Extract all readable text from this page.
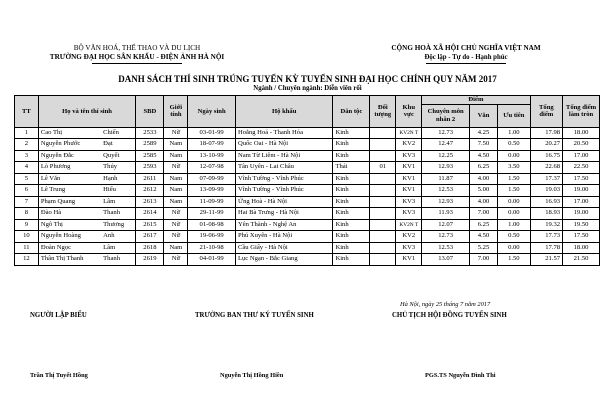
BỘ VĂN HOÁ, THỂ THAO VÀ DU LỊCH
TRƯỜNG ĐẠI HỌC SÂN KHẤU - ĐIỆN ẢNH HÀ NỘI
CỘNG HOÀ XÃ HỘI CHỦ NGHĨA VIỆT NAM
Độc lập - Tự do - Hạnh phúc
DANH SÁCH THÍ SINH TRÚNG TUYỂN KỲ TUYỂN SINH ĐẠI HỌC CHÍNH QUY NĂM 2017
Ngành / Chuyên ngành: Diễn viên rối
TT	Họ và tên thí sinh		SBD	Giới tính	Ngày sinh	Hộ khẩu	Dân tộc	Đối tượng	Khu vực	Điểm			Tổng điểm	Tổng điểm làm tròn
										Chuyên môn nhân 2	Văn	Ưu tiên		
1	Cao Thị	Chiến	2533	Nữ	03-01-99	Hoằng Hoá - Thanh Hóa	Kinh		KV2N T	12.73	4.25	1.00	17.98	18.00
2	Nguyễn Phước	Đạt	2589	Nam	18-07-99	Quốc Oai - Hà Nội	Kinh		KV2	12.47	7.50	0.50	20.27	20.50
3	Nguyễn Đắc	Quyết	2585	Nam	13-10-99	Nam Từ Liêm - Hà Nội	Kinh		KV3	12.25	4.50	0.00	16.75	17.00
4	Lò Phương	Thúy	2593	Nữ	12-07-98	Tân Uyên - Lai Châu	Thái	01	KV1	12.93	6.25	3.50	22.68	22.50
5	Lê Văn	Hạnh	2611	Nam	07-09-99	Vĩnh Tường - Vĩnh Phúc	Kinh		KV1	11.87	4.00	1.50	17.37	17.50
6	Lê Trung	Hiếu	2612	Nam	13-09-99	Vĩnh Tường - Vĩnh Phúc	Kinh		KV1	12.53	5.00	1.50	19.03	19.00
7	Phạm Quang	Lâm	2613	Nam	11-09-99	Ứng Hoà - Hà Nội	Kinh		KV3	12.93	4.00	0.00	16.93	17.00
8	Đào Hà	Thanh	2614	Nữ	29-11-99	Hai Bà Trưng - Hà Nội	Kinh		KV3	11.93	7.00	0.00	18.93	19.00
9	Ngô Thị	Thương	2615	Nữ	01-08-98	Yên Thành - Nghệ An	Kinh		KV2N T	12.07	6.25	1.00	19.32	19.50
10	Nguyễn Hoàng	Anh	2617	Nữ	19-06-99	Phú Xuyên - Hà Nội	Kinh		KV2	12.73	4.50	0.50	17.73	17.50
11	Đoàn Ngọc	Lâm	2618	Nam	21-10-98	Cầu Giấy - Hà Nội	Kinh		KV3	12.53	5.25	0.00	17.78	18.00
12	Thân Thị Thanh	Thanh	2619	Nữ	04-01-99	Lục Ngạn - Bắc Giang	Kinh		KV1	13.07	7.00	1.50	21.57	21.50
Hà Nội, ngày 25 tháng 7 năm 2017
NGƯỜI LẬP BIỂU	TRƯỞNG BAN THƯ KÝ TUYỂN SINH	CHỦ TỊCH HỘI ĐỒNG TUYỂN SINH
Trần Thị Tuyết Hồng	Nguyễn Thị Hồng Hiền	PGS.TS Nguyễn Đình Thi
